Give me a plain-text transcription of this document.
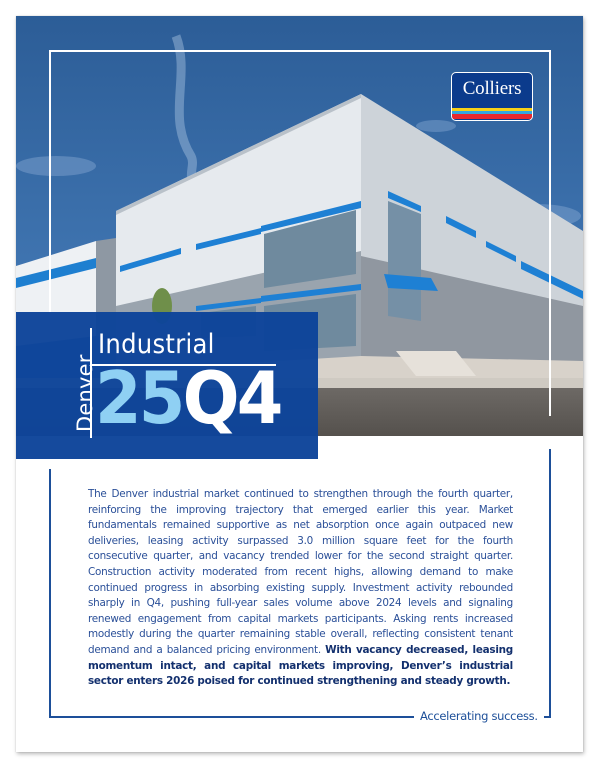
Colliers
Denver
Industrial
25Q4
The Denver industrial market continued to strengthen through the fourth quarter, reinforcing the improving trajectory that emerged earlier this year. Market fundamentals remained supportive as net absorption once again outpaced new deliveries, leasing activity surpassed 3.0 million square feet for the fourth consecutive quarter, and vacancy trended lower for the second straight quarter. Construction activity moderated from recent highs, allowing demand to make continued progress in absorbing existing supply. Investment activity rebounded sharply in Q4, pushing full-year sales volume above 2024 levels and signaling renewed engagement from capital markets participants. Asking rents increased modestly during the quarter remaining stable overall, reflecting consistent tenant demand and a balanced pricing environment. With vacancy decreased, leasing momentum intact, and capital markets improving, Denver’s industrial sector enters 2026 poised for continued strengthening and steady growth.
Accelerating success.
